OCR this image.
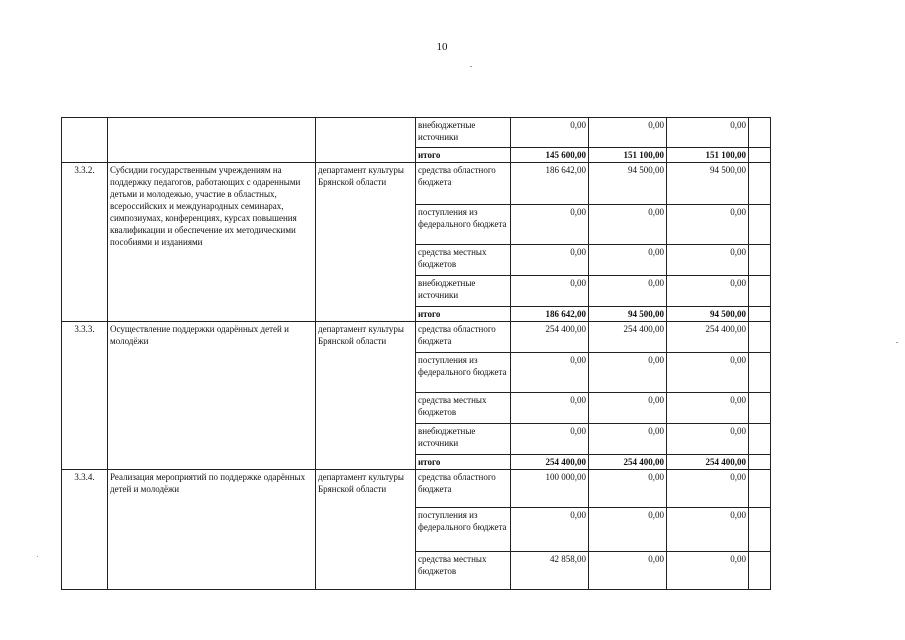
10
			внебюджетные источники	0,00	0,00	0,00	
			итого	145 600,00	151 100,00	151 100,00	
3.3.2.	Субсидии государственным учреждениям на поддержку педагогов, работающих с одаренными детьми и молодежью, участие в областных, всероссийских и международных семинарах, симпозиумах, конференциях, курсах повышения квалификации и обеспечение их методическими пособиями и изданиями	департамент культуры Брянской области	средства областного бюджета	186 642,00	94 500,00	94 500,00	
			поступления из федерального бюджета	0,00	0,00	0,00	
			средства местных бюджетов	0,00	0,00	0,00	
			внебюджетные источники	0,00	0,00	0,00	
			итого	186 642,00	94 500,00	94 500,00	
3.3.3.	Осуществление поддержки одарённых детей и молодёжи	департамент культуры Брянской области	средства областного бюджета	254 400,00	254 400,00	254 400,00	
			поступления из федерального бюджета	0,00	0,00	0,00	
			средства местных бюджетов	0,00	0,00	0,00	
			внебюджетные источники	0,00	0,00	0,00	
			итого	254 400,00	254 400,00	254 400,00	
3.3.4.	Реализация мероприятий по поддержке одарённых детей и молодёжи	департамент культуры Брянской области	средства областного бюджета	100 000,00	0,00	0,00	
			поступления из федерального бюджета	0,00	0,00	0,00	
			средства местных бюджетов	42 858,00	0,00	0,00	
